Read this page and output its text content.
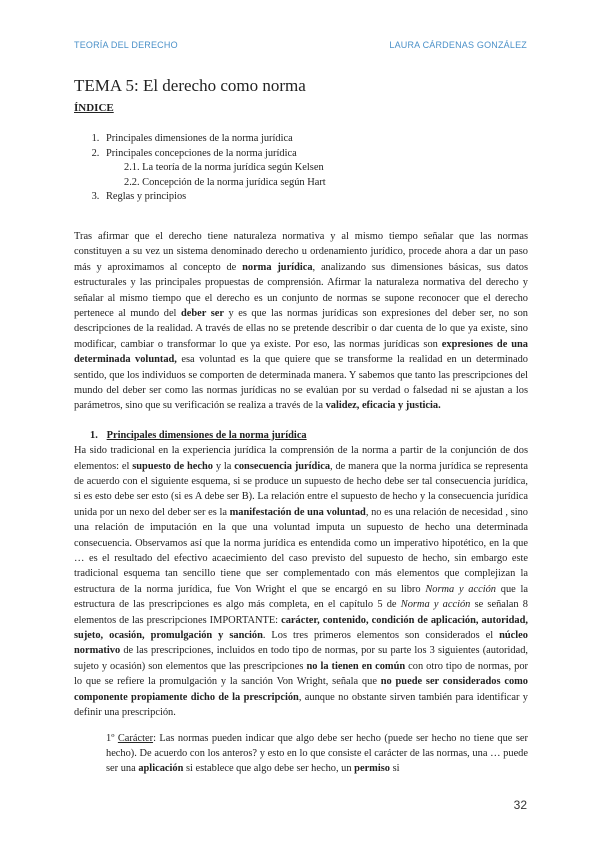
TEORÍA DEL DERECHO	LAURA CÁRDENAS GONZÁLEZ
TEMA 5: El derecho como norma
ÍNDICE
1. Principales dimensiones de la norma jurídica
2. Principales concepciones de la norma jurídica
2.1. La teoría de la norma jurídica según Kelsen
2.2. Concepción de la norma jurídica según Hart
3. Reglas y principios

Tras afirmar que el derecho tiene naturaleza normativa y al mismo tiempo señalar que las normas constituyen a su vez un sistema denominado derecho u ordenamiento jurídico, procede ahora a dar un paso más y aproximamos al concepto de norma jurídica, analizando sus dimensiones básicas, sus datos estructurales y las principales propuestas de comprensión. Afirmar la naturaleza normativa del derecho y señalar al mismo tiempo que el derecho es un conjunto de normas se supone reconocer que el derecho pertenece al mundo del deber ser y es que las normas jurídicas son expresiones del deber ser, no son descripciones de la realidad. A través de ellas no se pretende describir o dar cuenta de lo que ya existe, sino modificar, cambiar o transformar lo que ya existe. Por eso, las normas jurídicas son expresiones de una determinada voluntad, esa voluntad es la que quiere que se transforme la realidad en un determinado sentido, que los individuos se comporten de determinada manera. Y sabemos que tanto las prescripciones del mundo del deber ser como las normas jurídicas no se evalúan por su verdad o falsedad ni se ajustan a los parámetros, sino que su verificación se realiza a través de la validez, eficacia y justicia.

1. Principales dimensiones de la norma jurídica

Ha sido tradicional en la experiencia jurídica la comprensión de la norma a partir de la conjunción de dos elementos: el supuesto de hecho y la consecuencia jurídica, de manera que la norma jurídica se representa de acuerdo con el siguiente esquema, si se produce un supuesto de hecho debe ser tal consecuencia jurídica, si es esto debe ser esto (si es A debe ser B). La relación entre el supuesto de hecho y la consecuencia jurídica unida por un nexo del deber ser es la manifestación de una voluntad, no es una relación de necesidad , sino una relación de imputación en la que una voluntad imputa un supuesto de hecho una determinada consecuencia. Observamos así que la norma jurídica es entendida como un imperativo hipotético, en la que … es el resultado del efectivo acaecimiento del caso previsto del supuesto de hecho, sin embargo este tradicional esquema tan sencillo tiene que ser complementado con más elementos que complejizan la estructura de la norma jurídica, fue Von Wright el que se encargó en su libro Norma y acción que la estructura de las prescripciones es algo más completa, en el capítulo 5 de Norma y acción se señalan 8 elementos de las prescripciones IMPORTANTE: carácter, contenido, condición de aplicación, autoridad, sujeto, ocasión, promulgación y sanción. Los tres primeros elementos son considerados el núcleo normativo de las prescripciones, incluidos en todo tipo de normas, por su parte los 3 siguientes (autoridad, sujeto y ocasión) son elementos que las prescripciones no la tienen en común con otro tipo de normas, por lo que se refiere la promulgación y la sanción Von Wright, señala que no puede ser considerados como componente propiamente dicho de la prescripción, aunque no obstante sirven también para identificar y definir una prescripción.

1º Carácter: Las normas pueden indicar que algo debe ser hecho (puede ser hecho no tiene que ser hecho). De acuerdo con los anteros? y esto en lo que consiste el carácter de las normas, una … puede ser una aplicación si establece que algo debe ser hecho, un permiso si

32
